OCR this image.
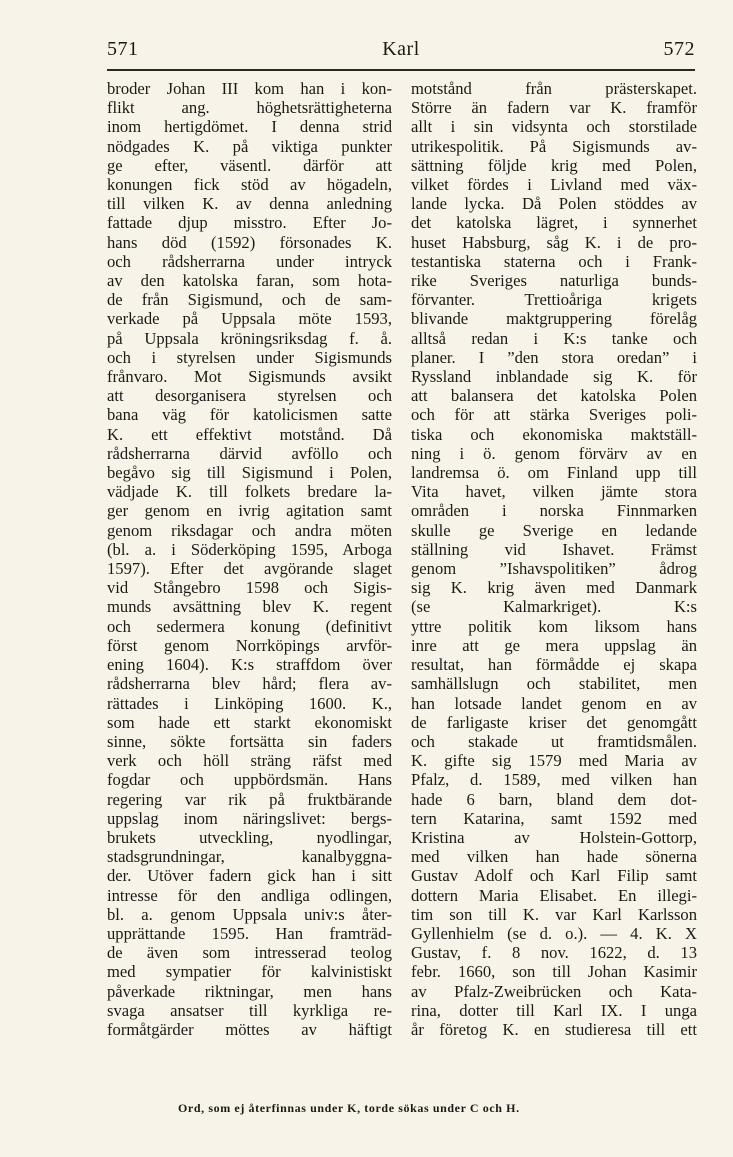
571	Karl	572
broder Johan III kom han i kon-
flikt ang. höghetsrättigheterna
inom hertigdömet. I denna strid
nödgades K. på viktiga punkter
ge efter, väsentl. därför att
konungen fick stöd av högadeln,
till vilken K. av denna anledning
fattade djup misstro. Efter Jo-
hans död (1592) försonades K.
och rådsherrarna under intryck
av den katolska faran, som hota-
de från Sigismund, och de sam-
verkade på Uppsala möte 1593,
på Uppsala kröningsriksdag f. å.
och i styrelsen under Sigismunds
frånvaro. Mot Sigismunds avsikt
att desorganisera styrelsen och
bana väg för katolicismen satte
K. ett effektivt motstånd. Då
rådsherrarna därvid avföllo och
begåvo sig till Sigismund i Polen,
vädjade K. till folkets bredare la-
ger genom en ivrig agitation samt
genom riksdagar och andra möten
(bl. a. i Söderköping 1595, Arboga
1597). Efter det avgörande slaget
vid Stångebro 1598 och Sigis-
munds avsättning blev K. regent
och sedermera konung (definitivt
först genom Norrköpings arvför-
ening 1604). K:s straffdom över
rådsherrarna blev hård; flera av-
rättades i Linköping 1600. K.,
som hade ett starkt ekonomiskt
sinne, sökte fortsätta sin faders
verk och höll sträng räfst med
fogdar och uppbördsmän. Hans
regering var rik på fruktbärande
uppslag inom näringslivet: bergs-
brukets utveckling, nyodlingar,
stadsgrundningar, kanalbyggna-
der. Utöver fadern gick han i sitt
intresse för den andliga odlingen,
bl. a. genom Uppsala univ:s åter-
upprättande 1595. Han framträd-
de även som intresserad teolog
med sympatier för kalvinistiskt
påverkade riktningar, men hans
svaga ansatser till kyrkliga re-
formåtgärder möttes av häftigt
motstånd från prästerskapet.
Större än fadern var K. framför
allt i sin vidsynta och storstilade
utrikespolitik. På Sigismunds av-
sättning följde krig med Polen,
vilket fördes i Livland med väx-
lande lycka. Då Polen stöddes av
det katolska lägret, i synnerhet
huset Habsburg, såg K. i de pro-
testantiska staterna och i Frank-
rike Sveriges naturliga bunds-
förvanter. Trettioåriga krigets
blivande maktgruppering förelåg
alltså redan i K:s tanke och
planer. I ”den stora oredan” i
Ryssland inblandade sig K. för
att balansera det katolska Polen
och för att stärka Sveriges poli-
tiska och ekonomiska maktställ-
ning i ö. genom förvärv av en
landremsa ö. om Finland upp till
Vita havet, vilken jämte stora
områden i norska Finnmarken
skulle ge Sverige en ledande
ställning vid Ishavet. Främst
genom ”Ishavspolitiken” ådrog
sig K. krig även med Danmark
(se Kalmarkriget). K:s
yttre politik kom liksom hans
inre att ge mera uppslag än
resultat, han förmådde ej skapa
samhällslugn och stabilitet, men
han lotsade landet genom en av
de farligaste kriser det genomgått
och stakade ut framtidsmålen.
K. gifte sig 1579 med Maria av
Pfalz, d. 1589, med vilken han
hade 6 barn, bland dem dot-
tern Katarina, samt 1592 med
Kristina av Holstein-Gottorp,
med vilken han hade sönerna
Gustav Adolf och Karl Filip samt
dottern Maria Elisabet. En illegi-
tim son till K. var Karl Karlsson
Gyllenhielm (se d. o.). — 4. K. X
Gustav, f. 8 nov. 1622, d. 13
febr. 1660, son till Johan Kasimir
av Pfalz-Zweibrücken och Kata-
rina, dotter till Karl IX. I unga
år företog K. en studieresa till ett
Ord, som ej återfinnas under K, torde sökas under C och H.
